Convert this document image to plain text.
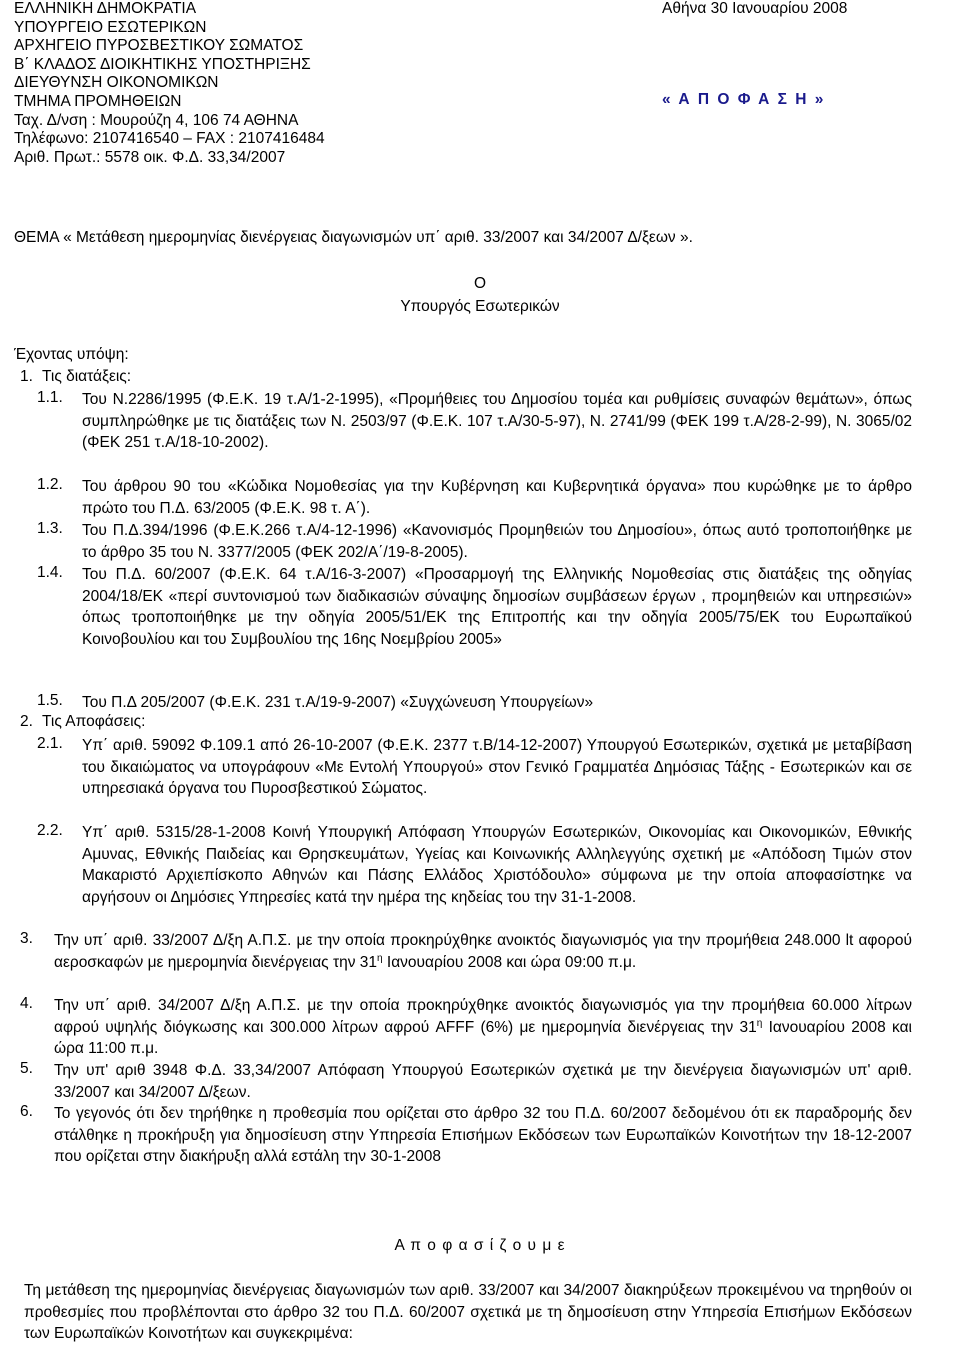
ΕΛΛΗΝΙΚΗ ΔΗΜΟΚΡΑΤΙΑ
ΥΠΟΥΡΓΕΙΟ ΕΣΩΤΕΡΙΚΩΝ
ΑΡΧΗΓΕΙΟ ΠΥΡΟΣΒΕΣΤΙΚΟΥ ΣΩΜΑΤΟΣ
Β΄ ΚΛΑΔΟΣ ΔΙΟΙΚΗΤΙΚΗΣ ΥΠΟΣΤΗΡΙΞΗΣ
ΔΙΕΥΘΥΝΣΗ ΟΙΚΟΝΟΜΙΚΩΝ
ΤΜΗΜΑ ΠΡΟΜΗΘΕΙΩΝ
Ταχ. Δ/νση : Μουρούζη 4, 106 74 ΑΘΗΝΑ
Τηλέφωνο: 2107416540 – FAX : 2107416484
Αριθ. Πρωτ.: 5578 οικ. Φ.Δ. 33,34/2007
Αθήνα 30 Ιανουαρίου 2008
« Α Π Ο Φ Α Σ Η »
ΘΕΜΑ « Μετάθεση ημερομηνίας διενέργειας διαγωνισμών υπ΄ αριθ. 33/2007 και 34/2007 Δ/ξεων ».
Ο
Υπουργός Εσωτερικών
Έχοντας υπόψη:
1. Τις διατάξεις:
1.1. Του Ν.2286/1995 (Φ.Ε.Κ. 19 τ.Α/1-2-1995), «Προμήθειες του Δημοσίου τομέα και ρυθμίσεις συναφών θεμάτων», όπως συμπληρώθηκε με τις διατάξεις των Ν. 2503/97 (Φ.Ε.Κ. 107 τ.Α/30-5-97), Ν. 2741/99 (ΦΕΚ 199 τ.Α/28-2-99), Ν. 3065/02 (ΦΕΚ 251 τ.Α/18-10-2002).
1.2. Του άρθρου 90 του «Κώδικα Νομοθεσίας για την Κυβέρνηση και Κυβερνητικά όργανα» που κυρώθηκε με το άρθρο πρώτο του Π.Δ. 63/2005 (Φ.Ε.Κ. 98 τ. Α΄).
1.3. Του Π.Δ.394/1996 (Φ.Ε.Κ.266 τ.Α/4-12-1996) «Κανονισμός Προμηθειών του Δημοσίου», όπως αυτό τροποποιήθηκε με το άρθρο 35 του Ν. 3377/2005 (ΦΕΚ 202/Α΄/19-8-2005).
1.4. Του Π.Δ. 60/2007 (Φ.Ε.Κ. 64 τ.Α/16-3-2007) «Προσαρμογή της Ελληνικής Νομοθεσίας στις διατάξεις της οδηγίας 2004/18/ΕΚ «περί συντονισμού των διαδικασιών σύναψης δημοσίων συμβάσεων έργων , προμηθειών και υπηρεσιών» όπως τροποποιήθηκε με την οδηγία 2005/51/ΕΚ της Επιτροπής και την οδηγία 2005/75/ΕΚ του Ευρωπαϊκού Κοινοβουλίου και του Συμβουλίου της 16ης Νοεμβρίου 2005»
1.5. Του Π.Δ 205/2007 (Φ.Ε.Κ. 231 τ.Α/19-9-2007) «Συγχώνευση Υπουργείων»
2. Τις Αποφάσεις:
2.1. Υπ΄ αριθ. 59092 Φ.109.1 από 26-10-2007 (Φ.Ε.Κ. 2377 τ.Β/14-12-2007) Υπουργού Εσωτερικών, σχετικά με μεταβίβαση του δικαιώματος να υπογράφουν «Με Εντολή Υπουργού» στον Γενικό Γραμματέα Δημόσιας Τάξης - Εσωτερικών και σε υπηρεσιακά όργανα του Πυροσβεστικού Σώματος.
2.2. Υπ΄ αριθ. 5315/28-1-2008 Κοινή Υπουργική Απόφαση Υπουργών Εσωτερικών, Οικονομίας και Οικονομικών, Εθνικής Αμυνας, Εθνικής Παιδείας και Θρησκευμάτων, Υγείας και Κοινωνικής Αλληλεγγύης σχετική με «Απόδοση Τιμών στον Μακαριστό Αρχιεπίσκοπο Αθηνών και Πάσης Ελλάδος Χριστόδουλο» σύμφωνα με την οποία αποφασίστηκε να αργήσουν οι Δημόσιες Υπηρεσίες κατά την ημέρα της κηδείας του την 31-1-2008.
3. Την υπ΄ αριθ. 33/2007 Δ/ξη Α.Π.Σ. με την οποία προκηρύχθηκε ανοικτός διαγωνισμός για την προμήθεια 248.000 lt αφορού αεροσκαφών με ημερομηνία διενέργειας την $31^\eta$ Ιανουαρίου 2008 και ώρα 09:00 π.μ.
4. Την υπ΄ αριθ. 34/2007 Δ/ξη Α.Π.Σ. με την οποία προκηρύχθηκε ανοικτός διαγωνισμός για την προμήθεια 60.000 λίτρων αφρού υψηλής διόγκωσης και 300.000 λίτρων αφρού AFFF (6%) με ημερομηνία διενέργειας την $31^\eta$ Ιανουαρίου 2008 και ώρα 11:00 π.μ.
5. Την υπ' αριθ 3948 Φ.Δ. 33,34/2007 Απόφαση Υπουργού Εσωτερικών σχετικά με την διενέργεια διαγωνισμών υπ' αριθ. 33/2007 και 34/2007 Δ/ξεων.
6. Το γεγονός ότι δεν τηρήθηκε η προθεσμία που ορίζεται στο άρθρο 32 του Π.Δ. 60/2007 δεδομένου ότι εκ παραδρομής δεν στάλθηκε η προκήρυξη για δημοσίευση στην Υπηρεσία Επισήμων Εκδόσεων των Ευρωπαϊκών Κοινοτήτων την 18-12-2007 που ορίζεται στην διακήρυξη αλλά εστάλη την 30-1-2008
Α π ο φ α σ ί ζ ο υ μ ε
Τη μετάθεση της ημερομηνίας διενέργειας διαγωνισμών των αριθ. 33/2007 και 34/2007 διακηρύξεων προκειμένου να τηρηθούν οι προθεσμίες που προβλέπονται στο άρθρο 32 του Π.Δ. 60/2007 σχετικά με τη δημοσίευση στην Υπηρεσία Επισήμων Εκδόσεων των Ευρωπαϊκών Κοινοτήτων και συγκεκριμένα:
